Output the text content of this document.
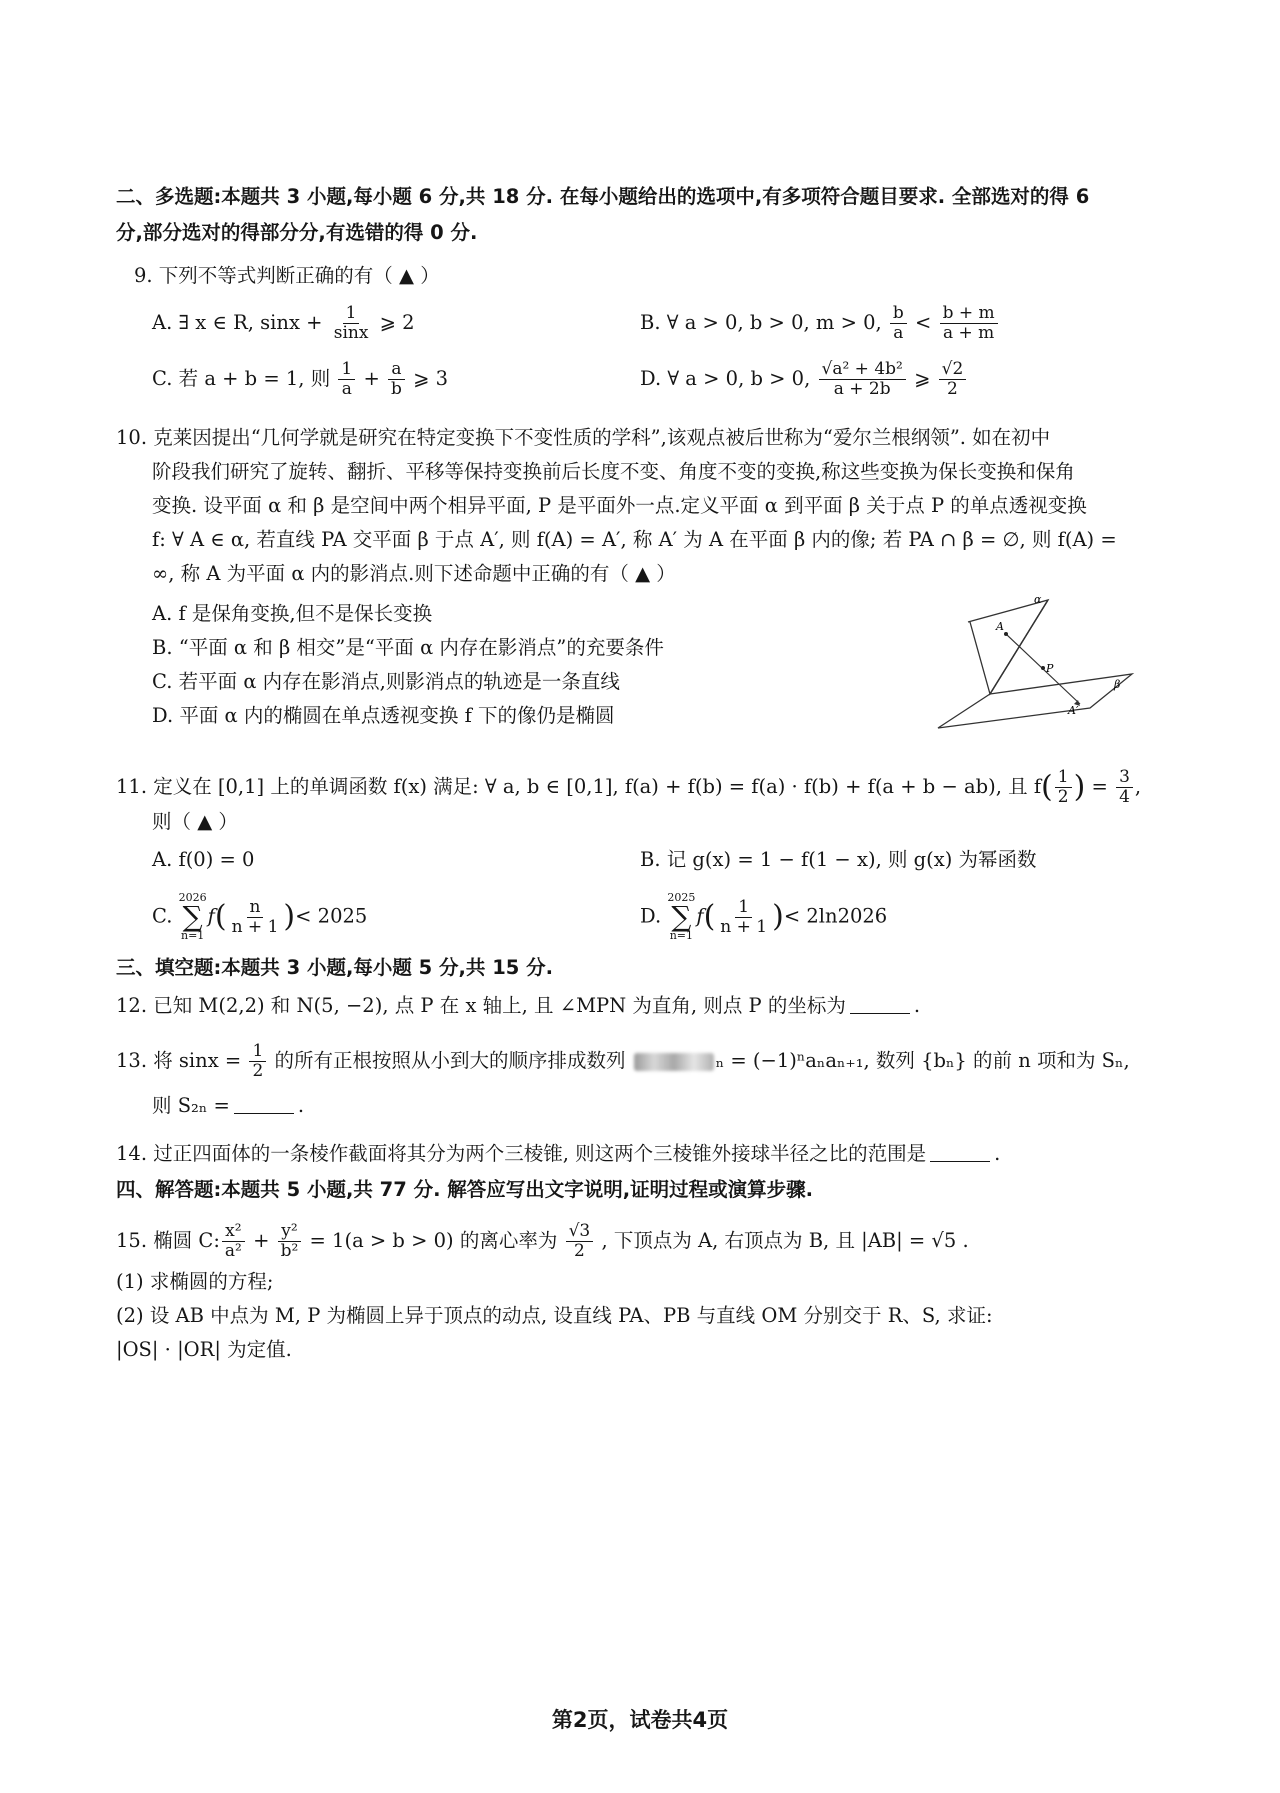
二、多选题:本题共 3 小题,每小题 6 分,共 18 分. 在每小题给出的选项中,有多项符合题目要求. 全部选对的得 6
分,部分选对的得部分分,有选错的得 0 分.
9. 下列不等式判断正确的有（ ▲ ）
A. ∃ x ∈ R, $\sin x + \frac{1}{\sin x}$ ⩾ 2	B. ∀ a > 0, b > 0, m > 0, $\frac{b}{a} < \frac{b + m}{a + m}$
C. 若 a + b = 1, 则 $\frac{1}{a} + \frac{a}{b}$ ⩾ 3	D. ∀ a > 0, b > 0, $\frac{\text{√a² + 4b²}}{a + 2b}$ ⩾ $\frac{√2}{2}$
10. 克莱因提出“几何学就是研究在特定变换下不变性质的学科”,该观点被后世称为“爱尔兰根纲领”. 如在初中
阶段我们研究了旋转、翻折、平移等保持变换前后长度不变、角度不变的变换,称这些变换为保长变换和保角
变换. 设平面 α 和 β 是空间中两个相异平面, P 是平面外一点.定义平面 α 到平面 β 关于点 P 的单点透视变换
f: ∀ A ∈ α, 若直线 PA 交平面 β 于点 A′, 则 f(A) = A′, 称 A′ 为 A 在平面 β 内的像; 若 PA ∩ β = ∅, 则 f(A) =
∞, 称 A 为平面 α 内的影消点.则下述命题中正确的有（ ▲ ）
A. f 是保角变换,但不是保长变换
B. “平面 α 和 β 相交”是“平面 α 内存在影消点”的充要条件
C. 若平面 α 内存在影消点,则影消点的轨迹是一条直线
D. 平面 α 内的椭圆在单点透视变换 f 下的像仍是椭圆
A
α
P
A′
β
11. 定义在 [0,1] 上的单调函数 f(x) 满足: ∀ a, b ∈ [0,1], f(a) + f(b) = f(a) · f(b) + f(a + b − ab), 且 $f( \frac{1}{2}$ ) = $\frac{3}{4}$ ,
则（ ▲ ）
A. f(0) = 0	B. 记 g(x) = 1 − f(1 − x), 则 g(x) 为幂函数
C.
2026
∑
n=1
$f( \frac{n}{n + 1}$ )< 2025	D.
2025
∑
n=1
$f( \frac{1}{n + 1}$ )< 2ln2026
三、填空题:本题共 3 小题,每小题 5 分,共 15 分.
12. 已知 M(2,2) 和 N(5, −2), 点 P 在 x 轴上, 且 ∠MPN 为直角, 则点 P 的坐标为	.
13. 将 $\sin x = \frac{1}{2}$ 的所有正根按照从小到大的顺序排成数列	ₙ = (−1)ⁿaₙaₙ₊₁, 数列 {bₙ} 的前 n 项和为 Sₙ,
则 S₂ₙ =	.
14. 过正四面体的一条棱作截面将其分为两个三棱锥, 则这两个三棱锥外接球半径之比的范围是	.
四、解答题:本题共 5 小题,共 77 分. 解答应写出文字说明,证明过程或演算步骤.
15. 椭圆 C: $\frac{\text{x²}}{\text{a²}} + \frac{\text{y²}}{\text{b²}} = 1(a > b > 0)$ 的离心率为 $\frac{√3}{2}$ , 下顶点为 A, 右顶点为 B, 且 |AB| = √5 .
(1) 求椭圆的方程;
(2) 设 AB 中点为 M, P 为椭圆上异于顶点的动点, 设直线 PA、PB 与直线 OM 分别交于 R、S, 求证:
|OS| · |OR| 为定值.
第2页，试卷共4页
